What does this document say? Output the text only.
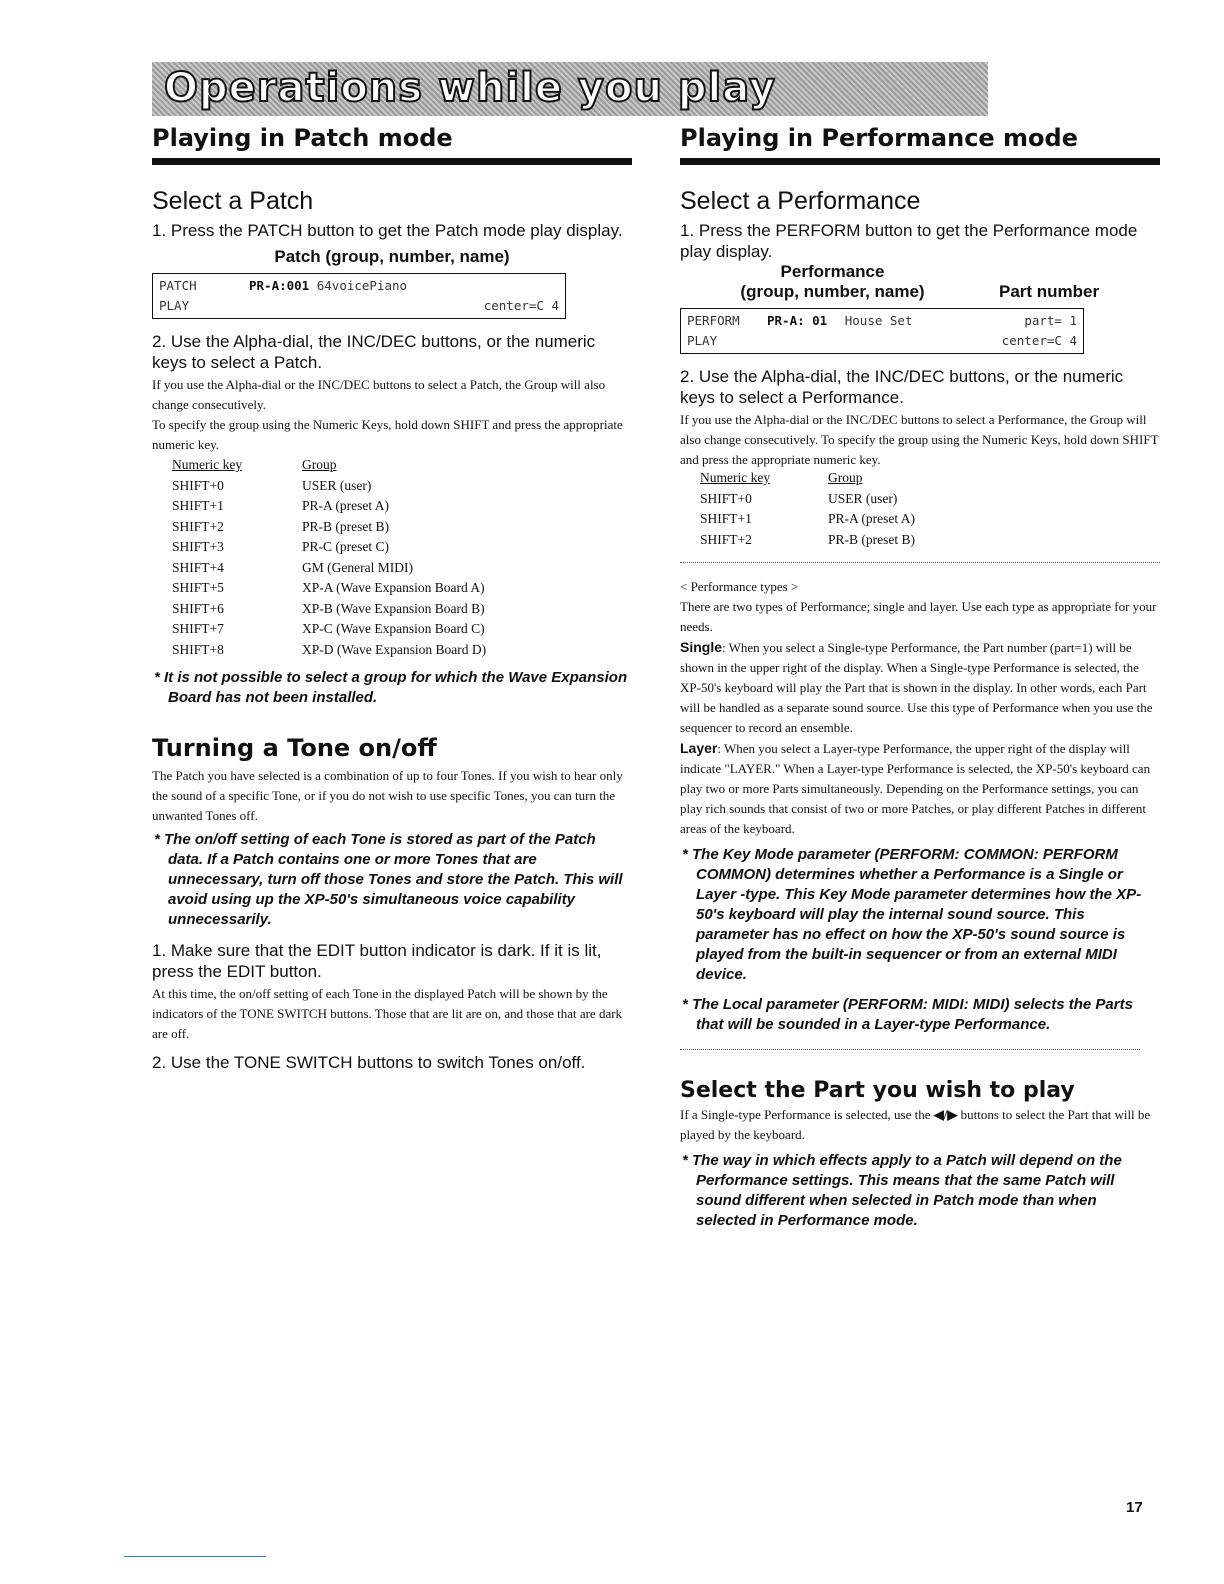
Operations while you play
Playing in Patch mode
Select a Patch

1. Press the PATCH button to get the Patch mode play display.

Patch (group, number, name)
PATCH	PR-A:001 64voicePiano
PLAY	center=C 4

2. Use the Alpha-dial, the INC/DEC buttons, or the numeric keys to select a Patch.

If you use the Alpha-dial or the INC/DEC buttons to select a Patch, the Group will also change consecutively.

To specify the group using the Numeric Keys, hold down SHIFT and press the appropriate numeric key.

Numeric key	Group
SHIFT+0	USER (user)
SHIFT+1	PR-A (preset A)
SHIFT+2	PR-B (preset B)
SHIFT+3	PR-C (preset C)
SHIFT+4	GM (General MIDI)
SHIFT+5	XP-A (Wave Expansion Board A)
SHIFT+6	XP-B (Wave Expansion Board B)
SHIFT+7	XP-C (Wave Expansion Board C)
SHIFT+8	XP-D (Wave Expansion Board D)

* It is not possible to select a group for which the Wave Expansion Board has not been installed.

Turning a Tone on/off

The Patch you have selected is a combination of up to four Tones. If you wish to hear only the sound of a specific Tone, or if you do not wish to use specific Tones, you can turn the unwanted Tones off.

* The on/off setting of each Tone is stored as part of the Patch data. If a Patch contains one or more Tones that are unnecessary, turn off those Tones and store the Patch. This will avoid using up the XP-50's simultaneous voice capability unnecessarily.

1. Make sure that the EDIT button indicator is dark. If it is lit, press the EDIT button.

At this time, the on/off setting of each Tone in the displayed Patch will be shown by the indicators of the TONE SWITCH buttons. Those that are lit are on, and those that are dark are off.

2. Use the TONE SWITCH buttons to switch Tones on/off.

Playing in Performance mode
Select a Performance

1. Press the PERFORM button to get the Performance mode play display.

Performance
(group, number, name)	Part number
PERFORM	PR-A: 01 House Set	part= 1
PLAY	center=C 4

2. Use the Alpha-dial, the INC/DEC buttons, or the numeric keys to select a Performance.

If you use the Alpha-dial or the INC/DEC buttons to select a Performance, the Group will also change consecutively. To specify the group using the Numeric Keys, hold down SHIFT and press the appropriate numeric key.

Numeric key	Group
SHIFT+0	USER (user)
SHIFT+1	PR-A (preset A)
SHIFT+2	PR-B (preset B)

< Performance types >

There are two types of Performance; single and layer. Use each type as appropriate for your needs.

Single: When you select a Single-type Performance, the Part number (part=1) will be shown in the upper right of the display. When a Single-type Performance is selected, the XP-50's keyboard will play the Part that is shown in the display. In other words, each Part will be handled as a separate sound source. Use this type of Performance when you use the sequencer to record an ensemble.

Layer: When you select a Layer-type Performance, the upper right of the display will indicate "LAYER." When a Layer-type Performance is selected, the XP-50's keyboard can play two or more Parts simultaneously. Depending on the Performance settings, you can play rich sounds that consist of two or more Patches, or play different Patches in different areas of the keyboard.

* The Key Mode parameter (PERFORM: COMMON: PERFORM COMMON) determines whether a Performance is a Single or Layer -type. This Key Mode parameter determines how the XP-50's keyboard will play the internal sound source. This parameter has no effect on how the XP-50's sound source is played from the built-in sequencer or from an external MIDI device.

* The Local parameter (PERFORM: MIDI: MIDI) selects the Parts that will be sounded in a Layer-type Performance.

Select the Part you wish to play

If a Single-type Performance is selected, use the ◀/▶ buttons to select the Part that will be played by the keyboard.

* The way in which effects apply to a Patch will depend on the Performance settings. This means that the same Patch will sound different when selected in Patch mode than when selected in Performance mode.

17
